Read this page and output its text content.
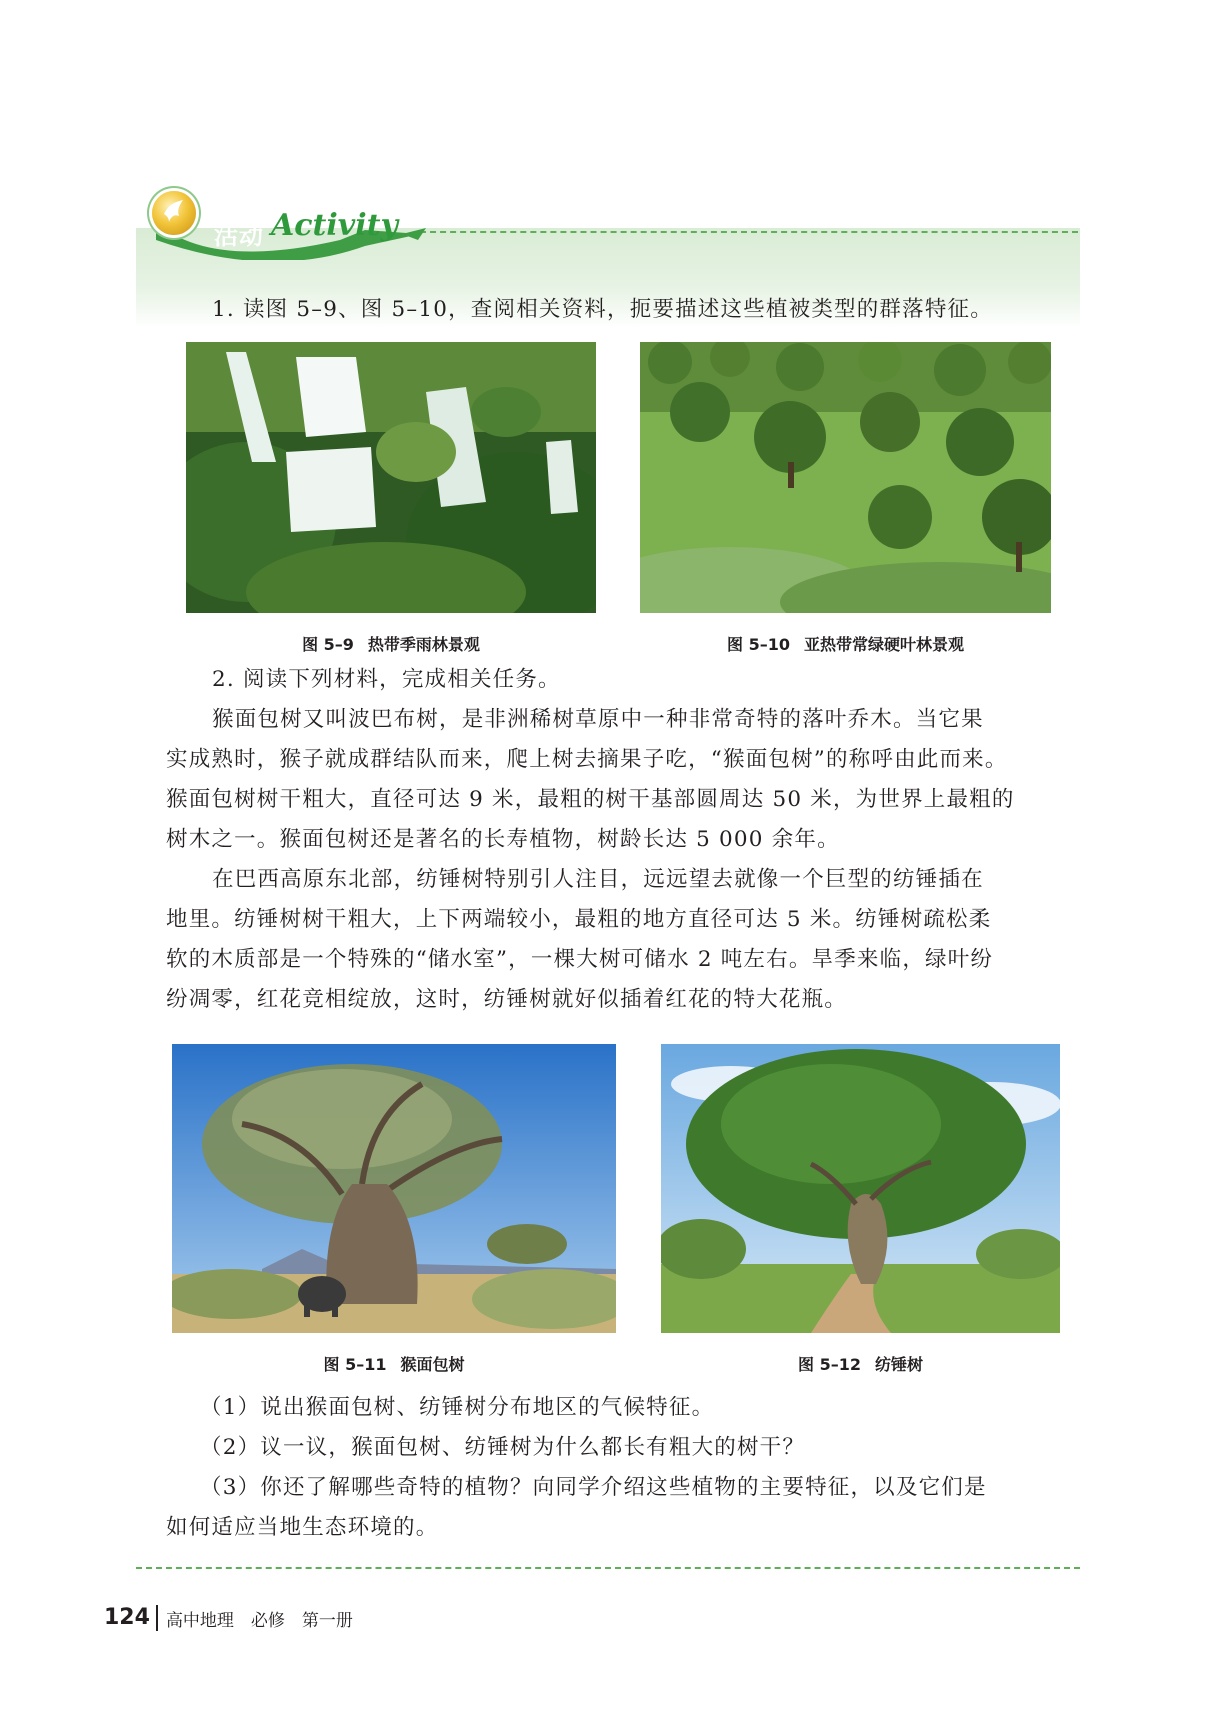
活动 Activity

1. 读图 5–9、图 5–10，查阅相关资料，扼要描述这些植被类型的群落特征。

图 5–9 热带季雨林景观	图 5–10 亚热带常绿硬叶林景观

2. 阅读下列材料，完成相关任务。

猴面包树又叫波巴布树，是非洲稀树草原中一种非常奇特的落叶乔木。当它果

实成熟时，猴子就成群结队而来，爬上树去摘果子吃，“猴面包树”的称呼由此而来。

猴面包树树干粗大，直径可达 9 米，最粗的树干基部圆周达 50 米，为世界上最粗的

树木之一。猴面包树还是著名的长寿植物，树龄长达 5 000 余年。

在巴西高原东北部，纺锤树特别引人注目，远远望去就像一个巨型的纺锤插在

地里。纺锤树树干粗大，上下两端较小，最粗的地方直径可达 5 米。纺锤树疏松柔

软的木质部是一个特殊的“储水室”，一棵大树可储水 2 吨左右。旱季来临，绿叶纷

纷凋零，红花竞相绽放，这时，纺锤树就好似插着红花的特大花瓶。

图 5–11 猴面包树	图 5–12 纺锤树

（1）说出猴面包树、纺锤树分布地区的气候特征。

（2）议一议，猴面包树、纺锤树为什么都长有粗大的树干？

（3）你还了解哪些奇特的植物？向同学介绍这些植物的主要特征，以及它们是

如何适应当地生态环境的。

124 高中地理　必修　第一册
